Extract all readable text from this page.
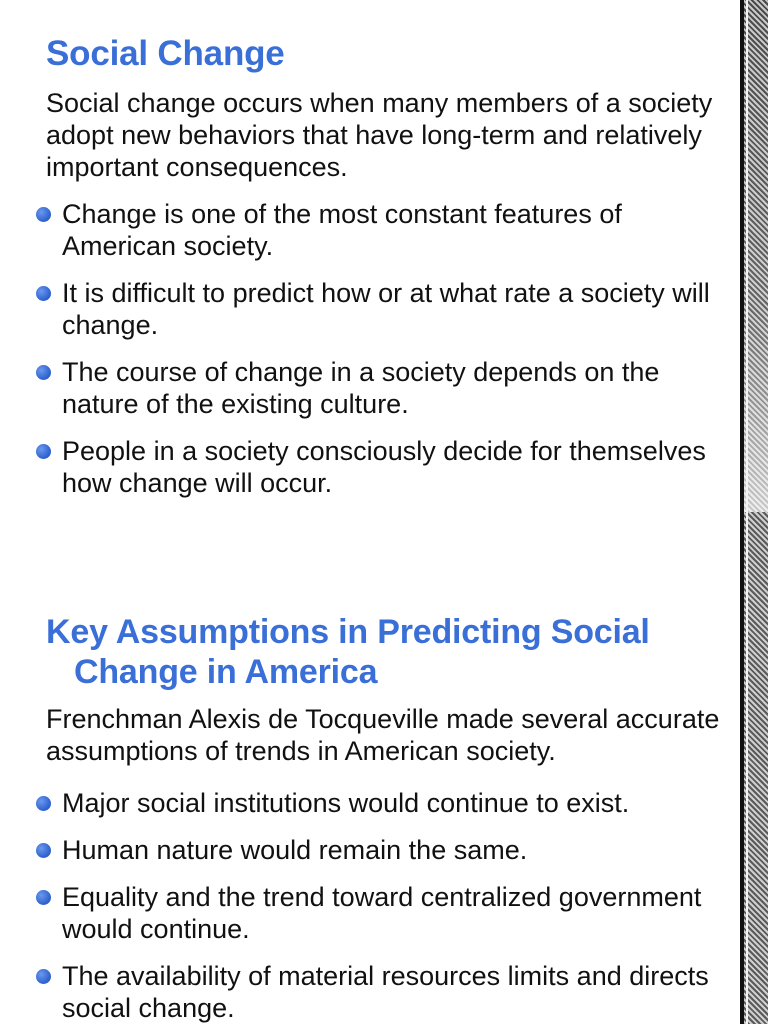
Social Change

Social change occurs when many members of a society adopt new behaviors that have long-term and relatively important consequences.

Change is one of the most constant features of American society.
It is difficult to predict how or at what rate a society will change.
The course of change in a society depends on the nature of the existing culture.
People in a society consciously decide for themselves how change will occur.
Key Assumptions in Predicting Social Change in America

Frenchman Alexis de Tocqueville made several accurate assumptions of trends in American society.

Major social institutions would continue to exist.
Human nature would remain the same.
Equality and the trend toward centralized government would continue.
The availability of material resources limits and directs social change.
